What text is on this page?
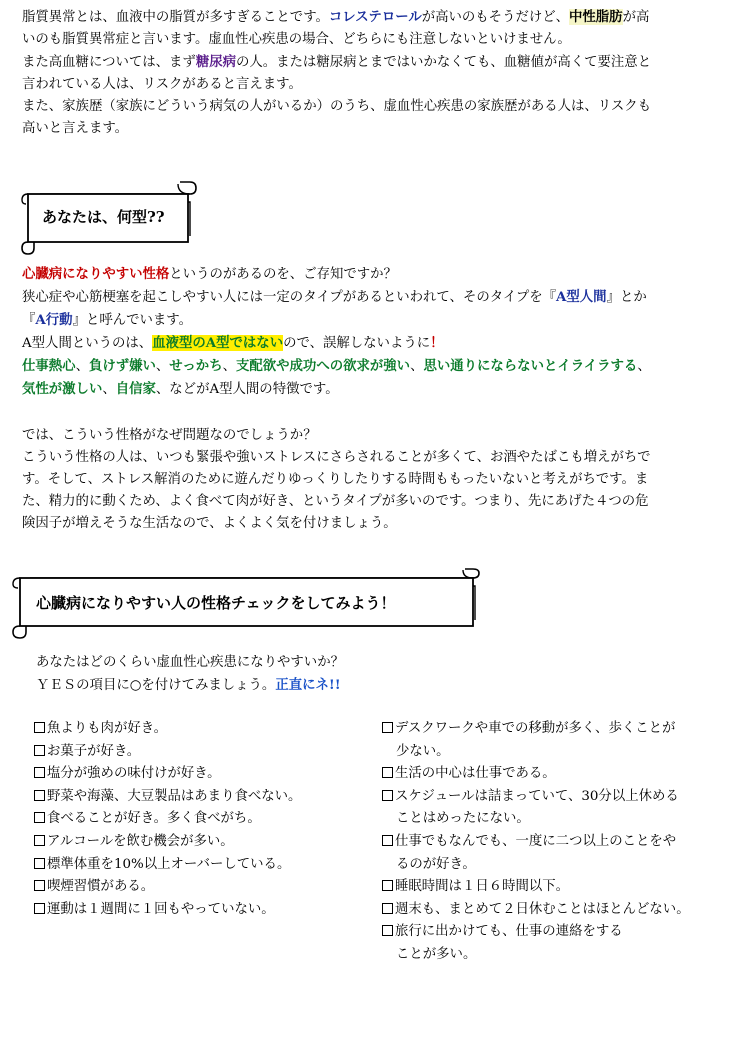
脂質異常とは、血液中の脂質が多すぎることです。コレステロールが高いのもそうだけど、中性脂肪が高
いのも脂質異常症と言います。虚血性心疾患の場合、どちらにも注意しないといけません。
また高血糖については、まず糖尿病の人。または糖尿病とまではいかなくても、血糖値が高くて要注意と
言われている人は、リスクがあると言えます。
また、家族歴（家族にどういう病気の人がいるか）のうち、虚血性心疾患の家族歴がある人は、リスクも
高いと言えます。
あなたは、何型??
心臓病になりやすい性格というのがあるのを、ご存知ですか？
狭心症や心筋梗塞を起こしやすい人には一定のタイプがあるといわれて、そのタイプを『A型人間』とか
『A行動』と呼んでいます。
A型人間というのは、血液型のA型ではないので、誤解しないように！
仕事熱心、負けず嫌い、せっかち、支配欲や成功への欲求が強い、思い通りにならないとイライラする、
気性が激しい、自信家、などがA型人間の特徴です。
では、こういう性格がなぜ問題なのでしょうか？
こういう性格の人は、いつも緊張や強いストレスにさらされることが多くて、お酒やたばこも増えがちで
す。そして、ストレス解消のために遊んだりゆっくりしたりする時間ももったいないと考えがちです。ま
た、精力的に動くため、よく食べて肉が好き、というタイプが多いのです。つまり、先にあげた４つの危
険因子が増えそうな生活なので、よくよく気を付けましょう。
心臓病になりやすい人の性格チェックをしてみよう！
あなたはどのくらい虚血性心疾患になりやすいか？
ＹＥＳの項目に○を付けてみましょう。正直にネ!!
魚よりも肉が好き。
お菓子が好き。
塩分が強めの味付けが好き。
野菜や海藻、大豆製品はあまり食べない。
食べることが好き。多く食べがち。
アルコールを飲む機会が多い。
標準体重を10%以上オーバーしている。
喫煙習慣がある。
運動は１週間に１回もやっていない。
デスクワークや車での移動が多く、歩くことが
少ない。
生活の中心は仕事である。
スケジュールは詰まっていて、30分以上休める
ことはめったにない。
仕事でもなんでも、一度に二つ以上のことをや
るのが好き。
睡眠時間は１日６時間以下。
週末も、まとめて２日休むことはほとんどない。
旅行に出かけても、仕事の連絡をする
ことが多い。
